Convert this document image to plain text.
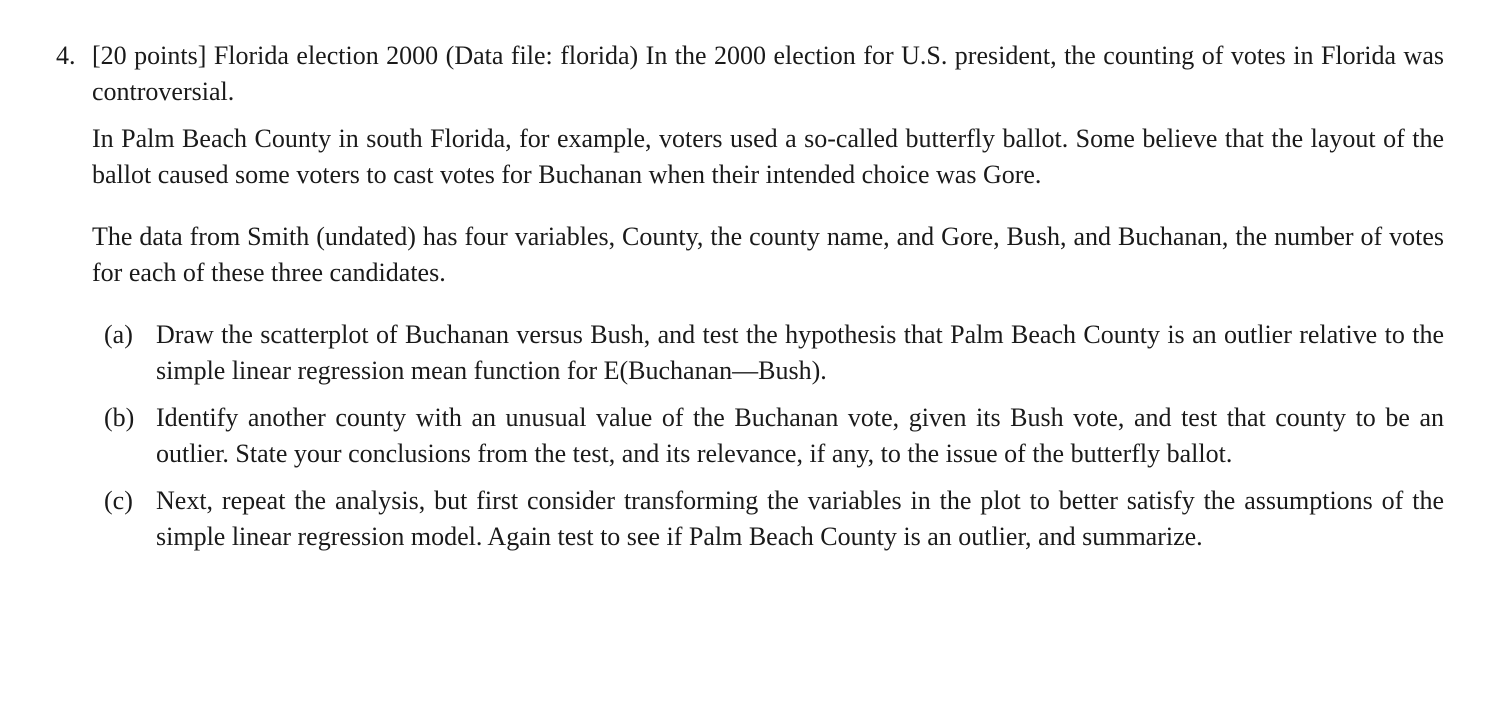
4. [20 points] Florida election 2000 (Data file: florida) In the 2000 election for U.S. president, the counting of votes in Florida was controversial.

In Palm Beach County in south Florida, for example, voters used a so-called butterfly ballot. Some believe that the layout of the ballot caused some voters to cast votes for Buchanan when their intended choice was Gore.

The data from Smith (undated) has four variables, County, the county name, and Gore, Bush, and Buchanan, the number of votes for each of these three candidates.

(a) Draw the scatterplot of Buchanan versus Bush, and test the hypothesis that Palm Beach County is an outlier relative to the simple linear regression mean function for E(Buchanan—Bush).
(b) Identify another county with an unusual value of the Buchanan vote, given its Bush vote, and test that county to be an outlier. State your conclusions from the test, and its relevance, if any, to the issue of the butterfly ballot.
(c) Next, repeat the analysis, but first consider transforming the variables in the plot to better satisfy the assumptions of the simple linear regression model. Again test to see if Palm Beach County is an outlier, and summarize.
